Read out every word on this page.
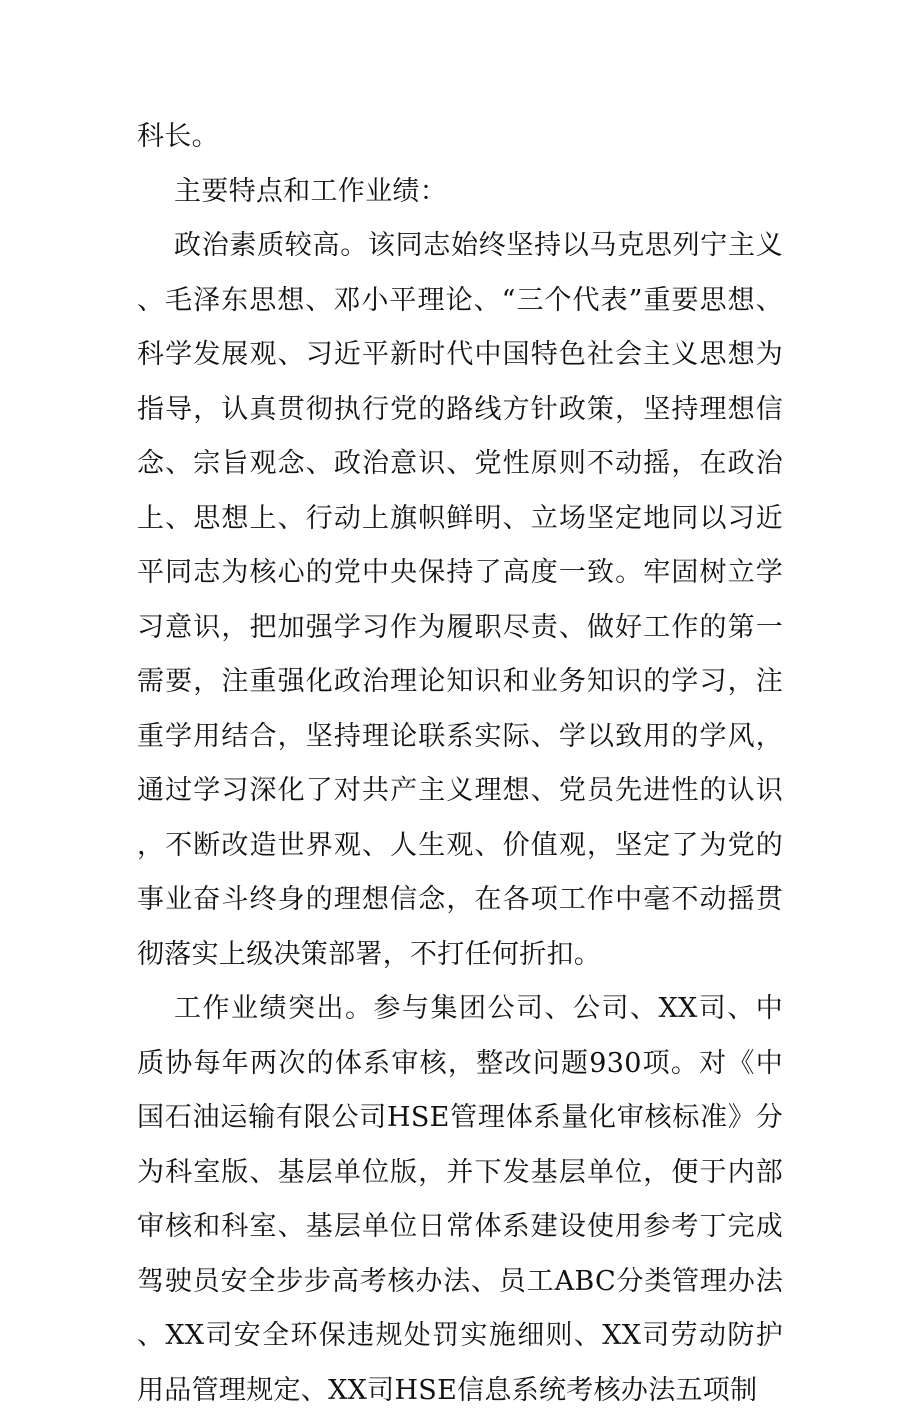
科长。

主要特点和工作业绩：

政治素质较高。该同志始终坚持以马克思列宁主义、毛泽东思想、邓小平理论、“三个代表”重要思想、科学发展观、习近平新时代中国特色社会主义思想为指导，认真贯彻执行党的路线方针政策，坚持理想信念、宗旨观念、政治意识、党性原则不动摇，在政治上、思想上、行动上旗帜鲜明、立场坚定地同以习近平同志为核心的党中央保持了高度一致。牢固树立学习意识，把加强学习作为履职尽责、做好工作的第一需要，注重强化政治理论知识和业务知识的学习，注重学用结合，坚持理论联系实际、学以致用的学风，通过学习深化了对共产主义理想、党员先进性的认识，不断改造世界观、人生观、价值观，坚定了为党的事业奋斗终身的理想信念，在各项工作中毫不动摇贯彻落实上级决策部署，不打任何折扣。

工作业绩突出。参与集团公司、公司、XX司、中质协每年两次的体系审核，整改问题930项。对《中国石油运输有限公司HSE管理体系量化审核标准》分为科室版、基层单位版，并下发基层单位，便于内部审核和科室、基层单位日常体系建设使用参考丁完成驾驶员安全步步高考核办法、员工ABC分类管理办法、XX司安全环保违规处罚实施细则、XX司劳动防护用品管理规定、XX司HSE信息系统考核办法五项制
